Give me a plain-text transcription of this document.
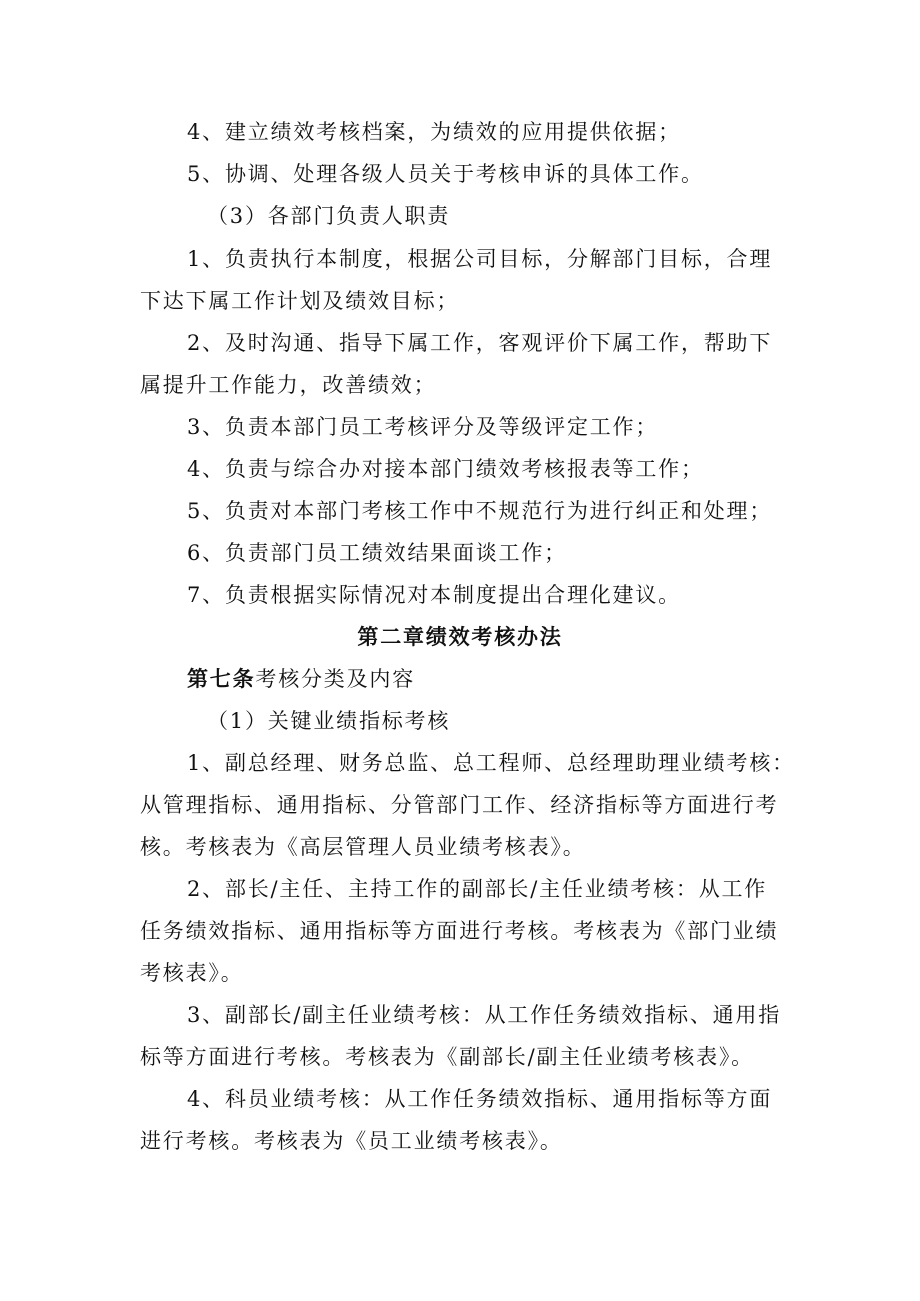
4、建立绩效考核档案，为绩效的应用提供依据；
5、协调、处理各级人员关于考核申诉的具体工作。
（3）各部门负责人职责
1、负责执行本制度，根据公司目标，分解部门目标，合理
下达下属工作计划及绩效目标；
2、及时沟通、指导下属工作，客观评价下属工作，帮助下
属提升工作能力，改善绩效；
3、负责本部门员工考核评分及等级评定工作；
4、负责与综合办对接本部门绩效考核报表等工作；
5、负责对本部门考核工作中不规范行为进行纠正和处理；
6、负责部门员工绩效结果面谈工作；
7、负责根据实际情况对本制度提出合理化建议。
第二章绩效考核办法
第七条考核分类及内容
（1）关键业绩指标考核
1、副总经理、财务总监、总工程师、总经理助理业绩考核：
从管理指标、通用指标、分管部门工作、经济指标等方面进行考
核。考核表为《高层管理人员业绩考核表》。
2、部长/主任、主持工作的副部长/主任业绩考核：从工作
任务绩效指标、通用指标等方面进行考核。考核表为《部门业绩
考核表》。
3、副部长/副主任业绩考核：从工作任务绩效指标、通用指
标等方面进行考核。考核表为《副部长/副主任业绩考核表》。
4、科员业绩考核：从工作任务绩效指标、通用指标等方面
进行考核。考核表为《员工业绩考核表》。
